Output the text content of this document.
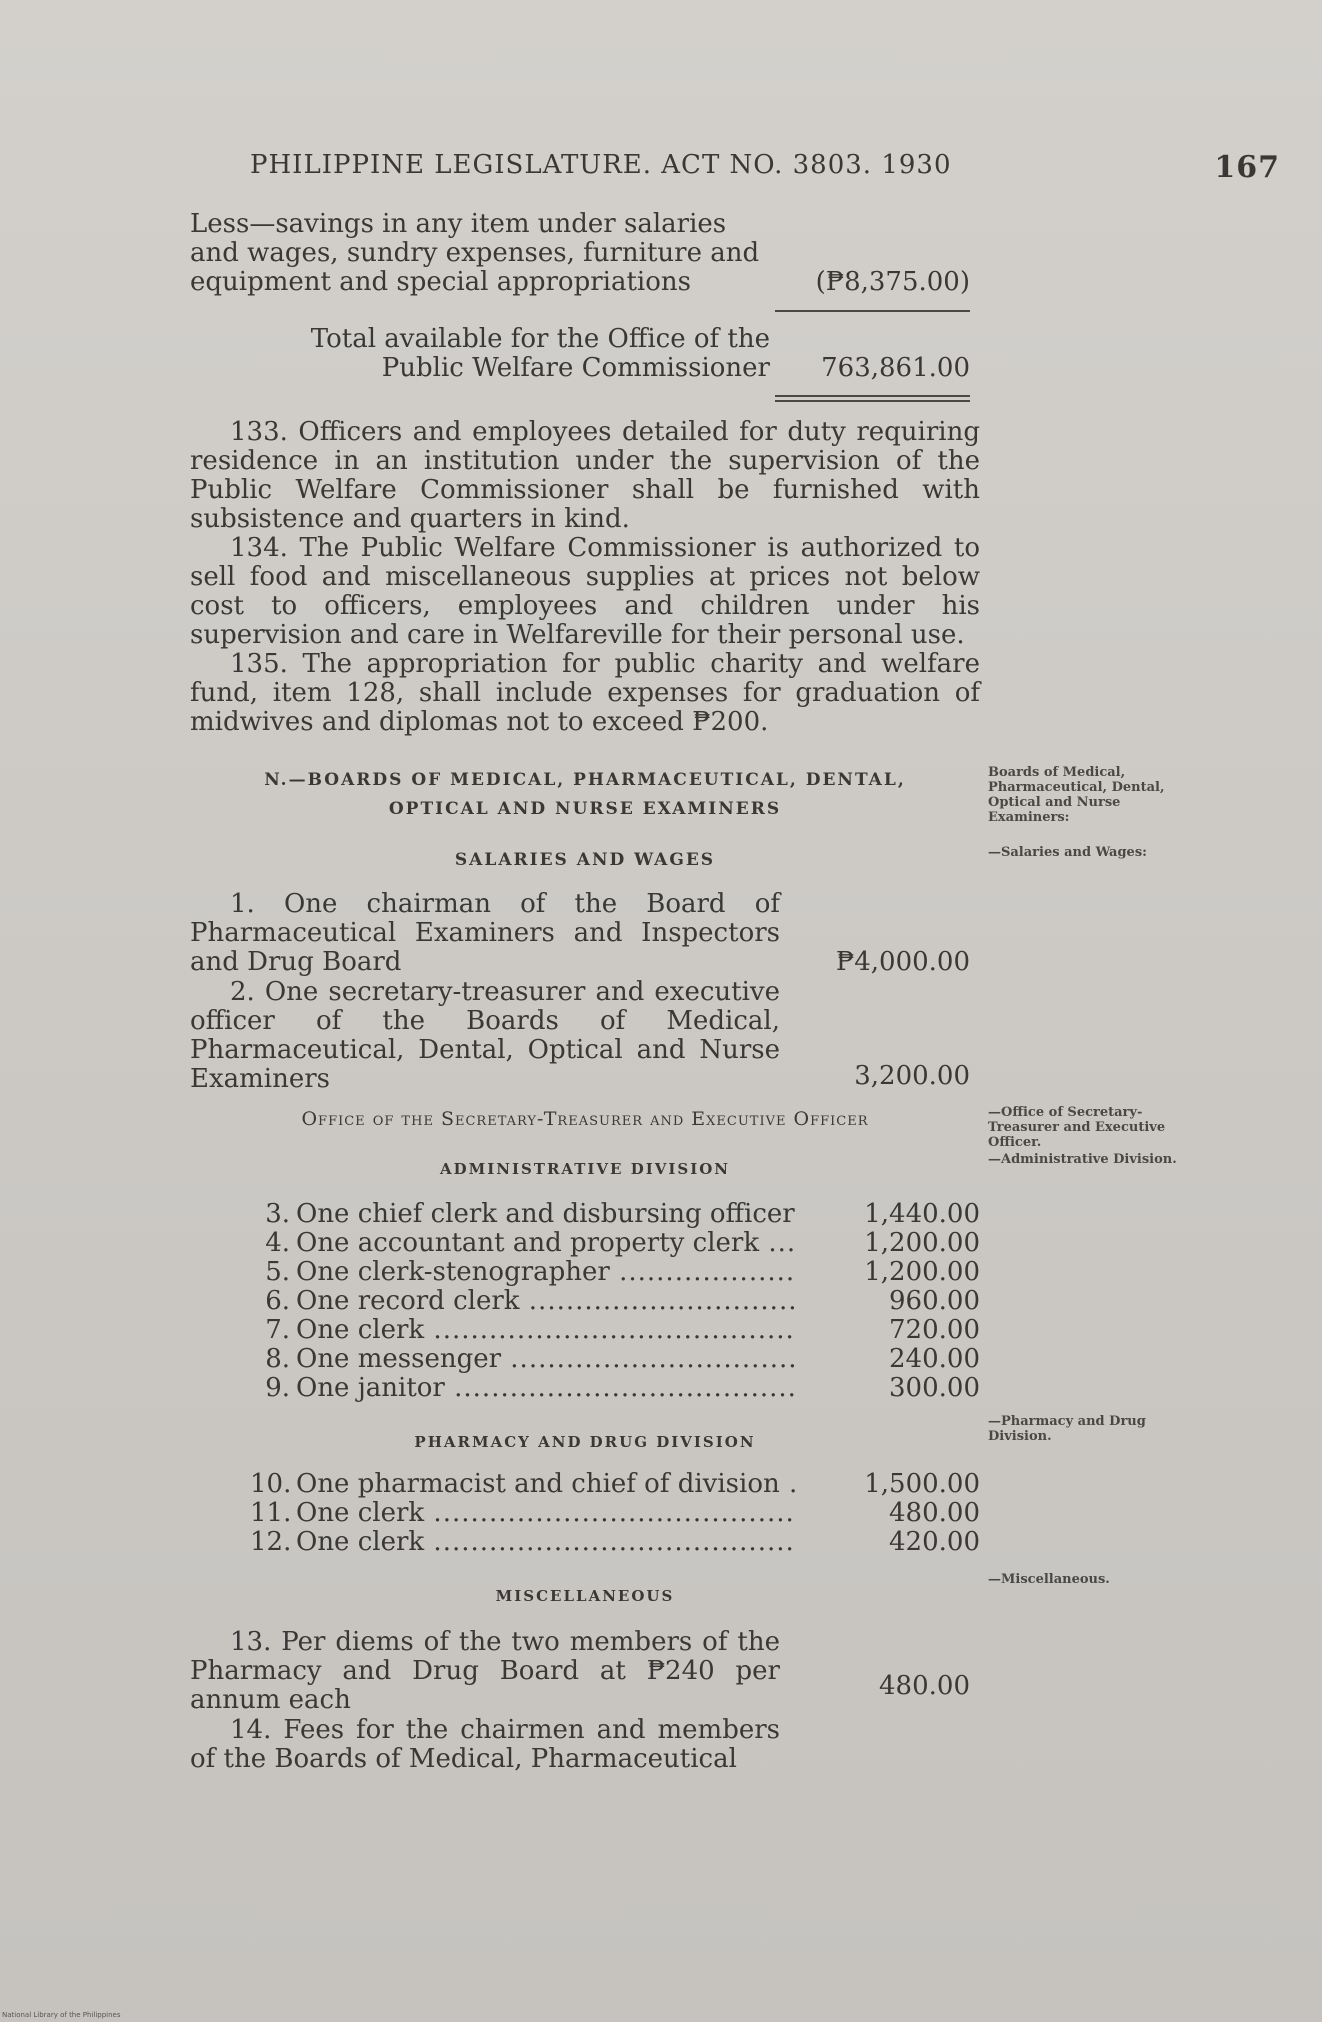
PHILIPPINE LEGISLATURE. ACT NO. 3803. 1930	167
Less—savings in any item under salaries and wages, sundry expenses, furniture and equipment and special appropriations	(₱8,375.00)
Total available for the Office of the Public Welfare Commissioner	763,861.00
133. Officers and employees detailed for duty requiring residence in an institution under the supervision of the Public Welfare Commissioner shall be furnished with subsistence and quarters in kind.
134. The Public Welfare Commissioner is authorized to sell food and miscellaneous supplies at prices not below cost to officers, employees and children under his supervision and care in Welfareville for their personal use.
135. The appropriation for public charity and welfare fund, item 128, shall include expenses for graduation of midwives and diplomas not to exceed ₱200.
N.—BOARDS OF MEDICAL, PHARMACEUTICAL, DENTAL,
OPTICAL AND NURSE EXAMINERS
SALARIES AND WAGES
1. One chairman of the Board of Pharmaceutical Examiners and Inspectors and Drug Board	₱4,000.00
2. One secretary-treasurer and executive officer of the Boards of Medical, Pharmaceutical, Dental, Optical and Nurse Examiners	3,200.00
Office of the Secretary-Treasurer and Executive Officer
ADMINISTRATIVE DIVISION
3. One chief clerk and disbursing officer .....	1,440.00
4. One accountant and property clerk .....	1,200.00
5. One clerk-stenographer .....	1,200.00
6. One record clerk .....	960.00
7. One clerk .....	720.00
8. One messenger .....	240.00
9. One janitor .....	300.00
PHARMACY AND DRUG DIVISION
10. One pharmacist and chief of division .....	1,500.00
11. One clerk .....	480.00
12. One clerk .....	420.00
MISCELLANEOUS
13. Per diems of the two members of the Pharmacy and Drug Board at ₱240 per annum each	480.00
14. Fees for the chairmen and members of the Boards of Medical, Pharmaceutical
Boards of Medical, Pharmaceutical, Dental, Optical and Nurse Examiners:
—Salaries and Wages:
—Office of Secretary-Treasurer and Executive Officer.
—Administrative Division.
—Pharmacy and Drug Division.
—Miscellaneous.
National Library of the Philippines
